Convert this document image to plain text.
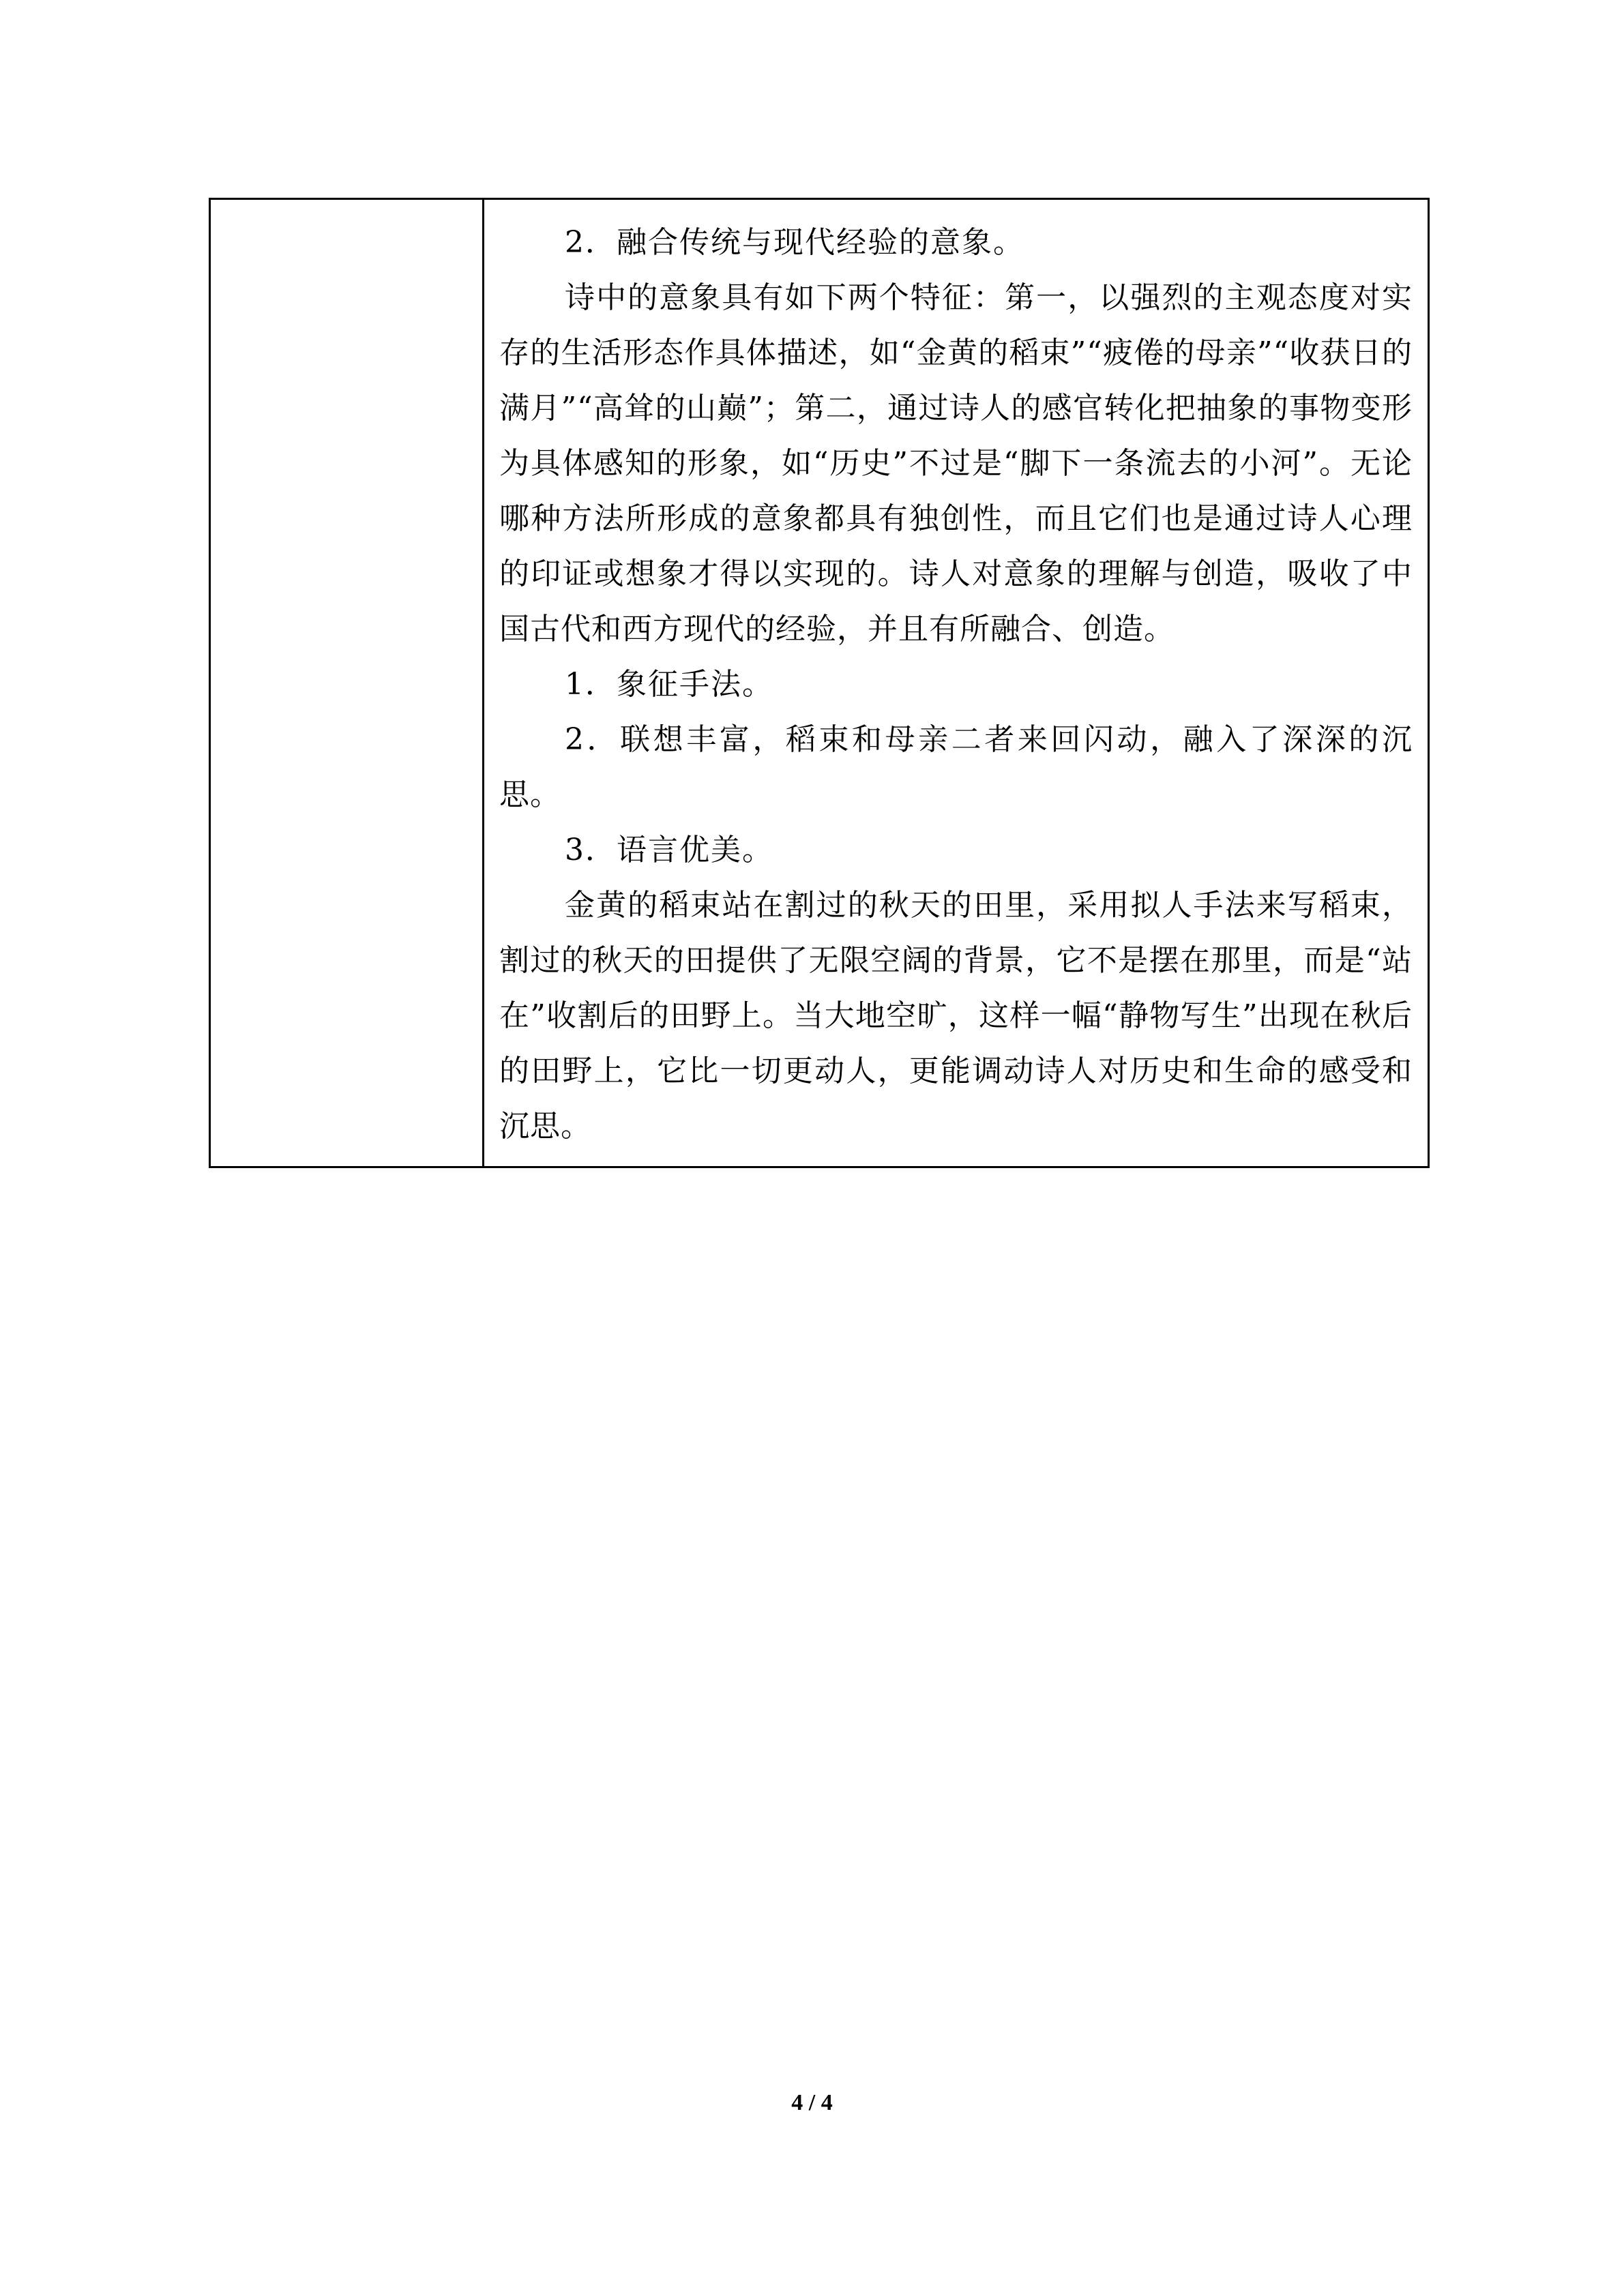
2．融合传统与现代经验的意象。

诗中的意象具有如下两个特征：第一，以强烈的主观态度对实存的生活形态作具体描述，如“金黄的稻束”“疲倦的母亲”“收获日的满月”“高耸的山巅”；第二，通过诗人的感官转化把抽象的事物变形为具体感知的形象，如“历史”不过是“脚下一条流去的小河”。无论哪种方法所形成的意象都具有独创性，而且它们也是通过诗人心理的印证或想象才得以实现的。诗人对意象的理解与创造，吸收了中国古代和西方现代的经验，并且有所融合、创造。

1．象征手法。

2．联想丰富，稻束和母亲二者来回闪动，融入了深深的沉思。

3．语言优美。

金黄的稻束站在割过的秋天的田里，采用拟人手法来写稻束，割过的秋天的田提供了无限空阔的背景，它不是摆在那里，而是“站在”收割后的田野上。当大地空旷，这样一幅“静物写生”出现在秋后的田野上，它比一切更动人，更能调动诗人对历史和生命的感受和沉思。

4 / 4
